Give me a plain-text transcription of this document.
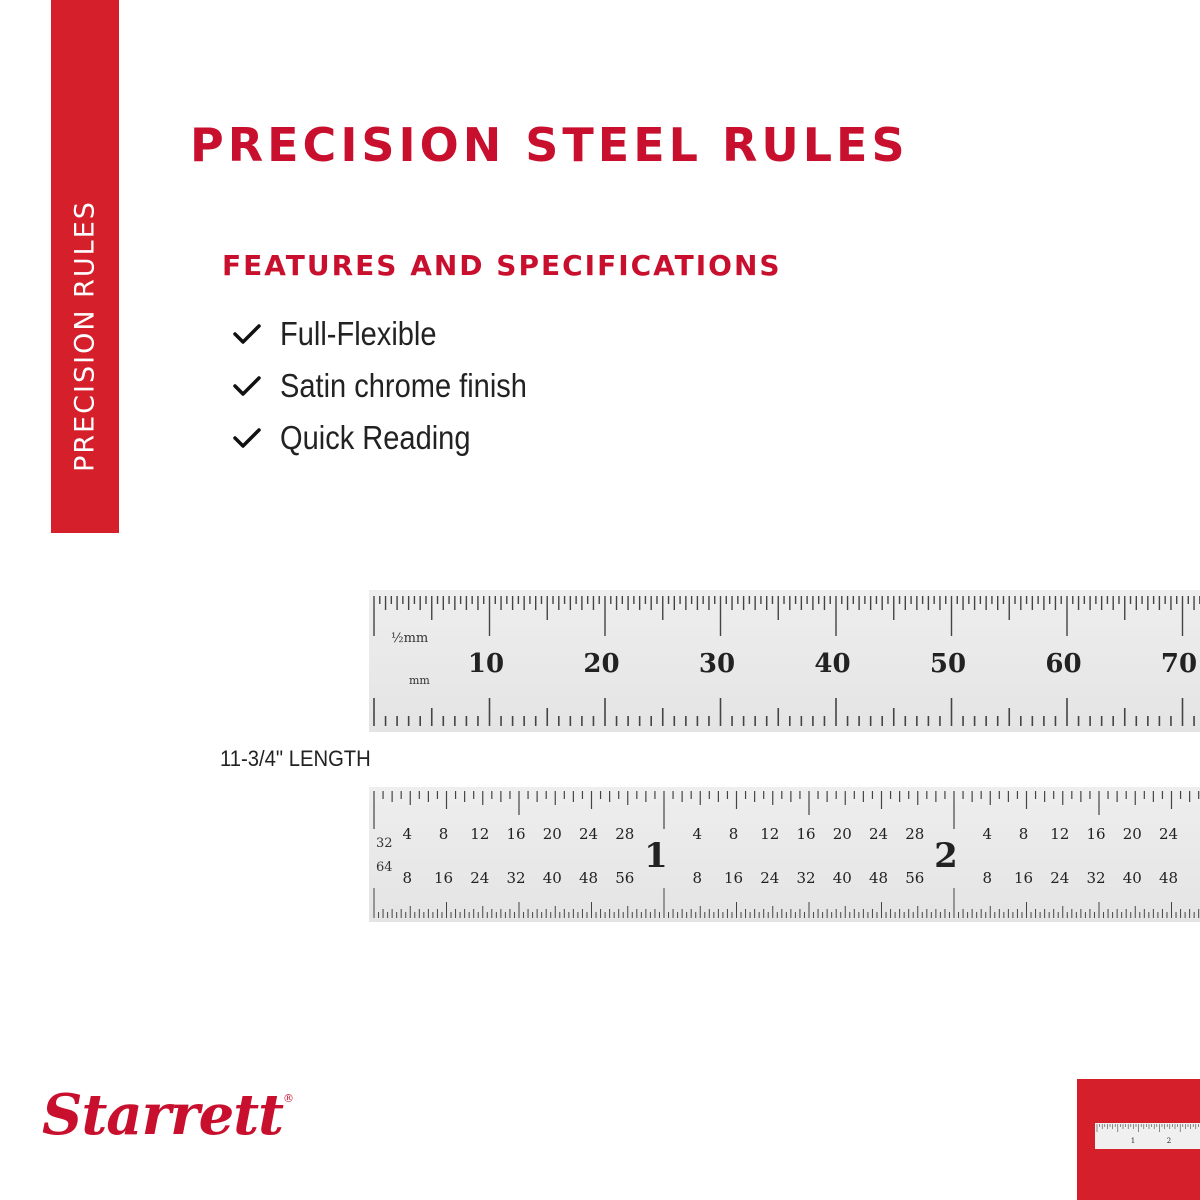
PRECISION RULES
PRECISION STEEL RULES
FEATURES AND SPECIFICATIONS
Full-Flexible
Satin chrome finish
Quick Reading
½mm
mm
10	20	30	40	50	60	70
11-3/4" LENGTH
32
64
4 8 12 16 20 24 28
8 16 24 32 40 48 56
4 8 12 16 20 24 28
8 16 24 32 40 48 56
4 8 12 16 20 24
8 16 24 32 40 48
1	2
Starrett®
1	2
